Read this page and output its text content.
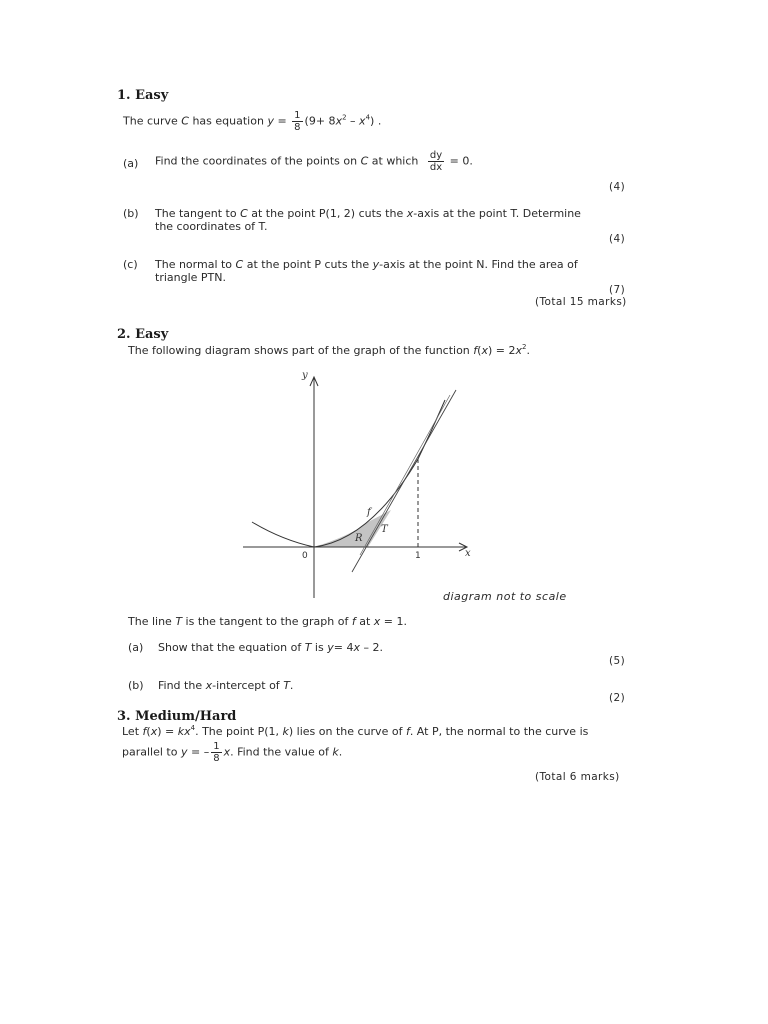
1. Easy
The curve C has equation $y = \frac{1}{8} (9+ 8x^2 - x^4)$ .
(a) Find the coordinates of the points on C at which $\frac{dy}{dx} = 0$.
(4)
(b) The tangent to C at the point P(1, 2) cuts the x-axis at the point T. Determine
the coordinates of T.
(4)
(c) The normal to C at the point P cuts the y-axis at the point N. Find the area of
triangle PTN.
(7)
(Total 15 marks)
2. Easy
The following diagram shows part of the graph of the function $f(x) = 2x^2$.
y
x
0	1
f
T
R
diagram not to scale
The line T is the tangent to the graph of f at x = 1.
(a) Show that the equation of T is y= 4x – 2.
(5)
(b) Find the x-intercept of T.
(2)
3. Medium/Hard
Let $f(x) = kx^4$. The point P(1, k) lies on the curve of f. At P, the normal to the curve is
parallel to y = – $\frac{1}{8} x$. Find the value of k.
(Total 6 marks)
